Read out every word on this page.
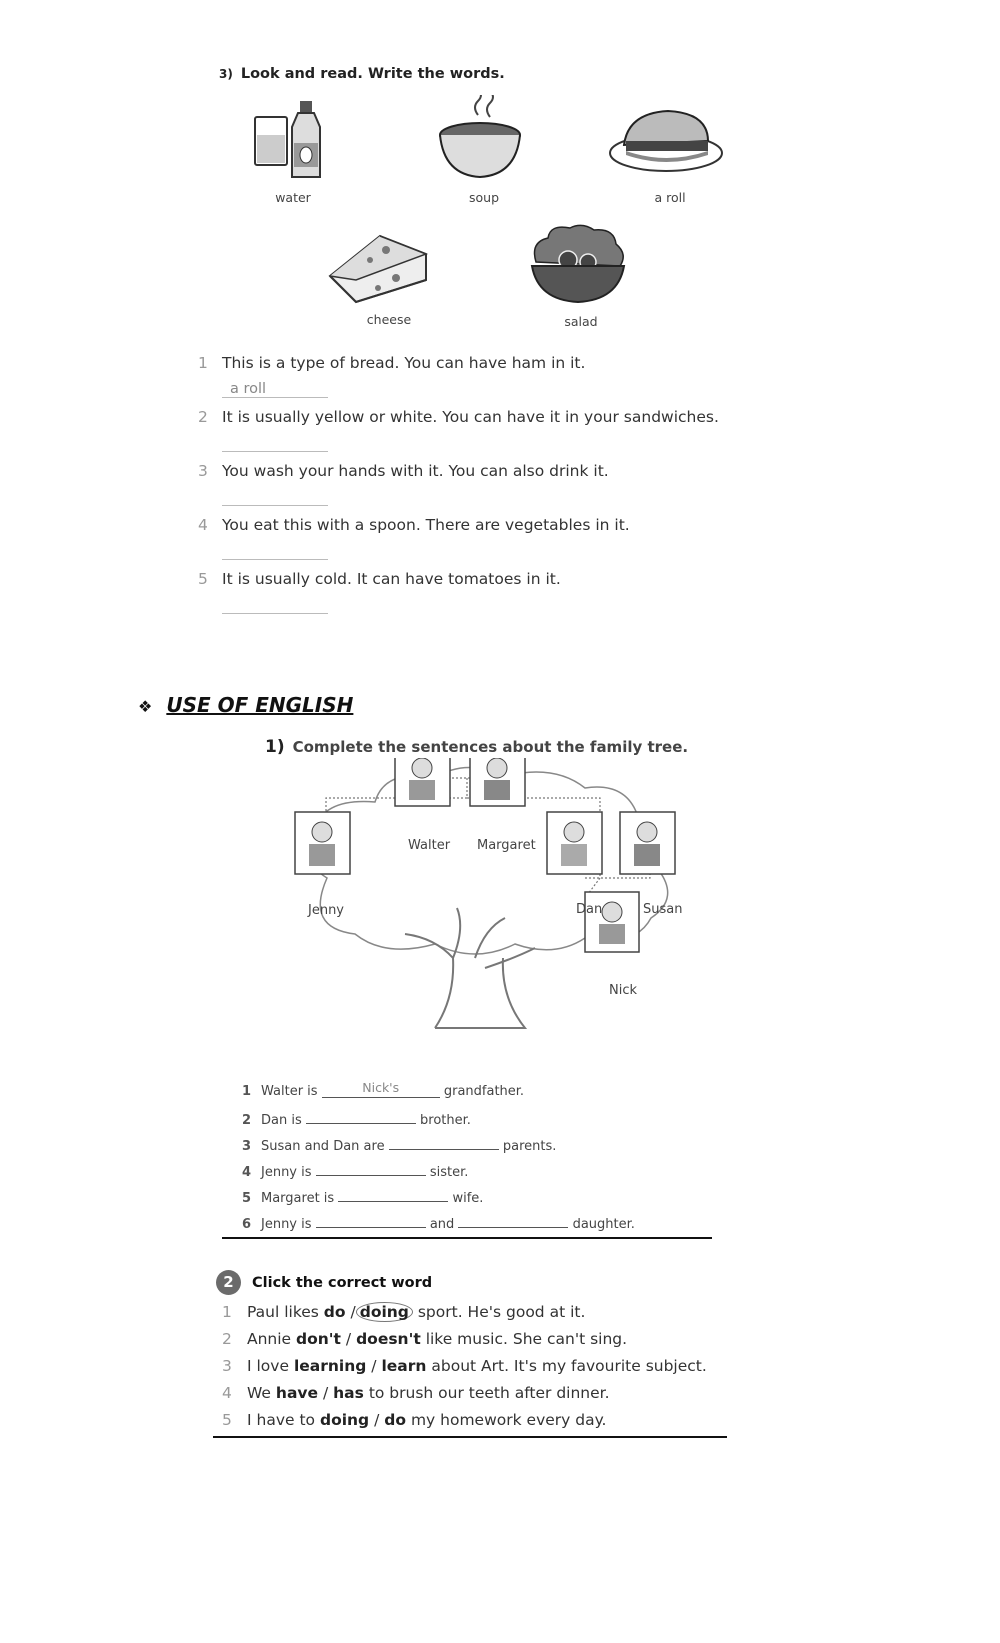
3) Look and read. Write the words.
water	soup	a roll
cheese	salad
1 This is a type of bread. You can have ham in it.
a roll
2 It is usually yellow or white. You can have it in your sandwiches.
3 You wash your hands with it. You can also drink it.
4 You eat this with a spoon. There are vegetables in it.
5 It is usually cold. It can have tomatoes in it.
❖ USE OF ENGLISH
1) Complete the sentences about the family tree.
Walter Margaret
Jenny	Dan	Susan
Nick
1 Walter is	Nick's	grandfather.
2 Dan is	brother.
3 Susan and Dan are	parents.
4 Jenny is	sister.
5 Margaret is	wife.
6 Jenny is	and	daughter.
2	Click the correct word
1 Paul likes do / doing sport. He's good at it.
2 Annie don't / doesn't like music. She can't sing.
3 I love learning / learn about Art. It's my favourite subject.
4 We have / has to brush our teeth after dinner.
5 I have to doing / do my homework every day.
